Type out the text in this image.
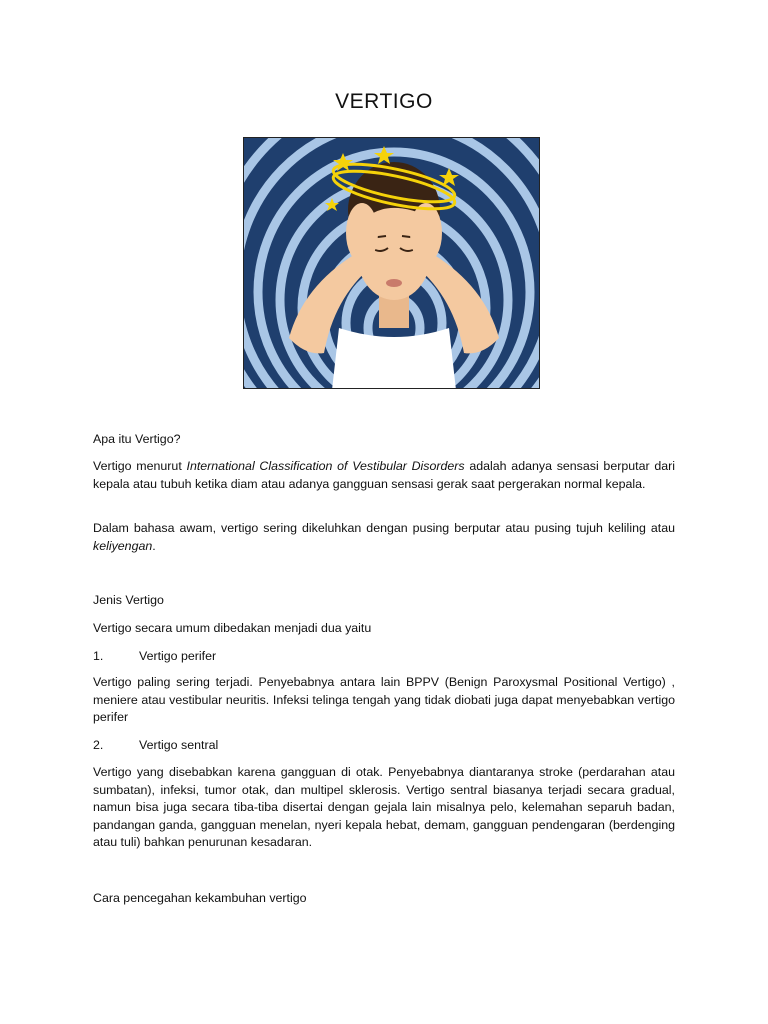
VERTIGO

Apa itu Vertigo?

Vertigo menurut International Classification of Vestibular Disorders adalah adanya sensasi berputar dari kepala atau tubuh ketika diam atau adanya gangguan sensasi gerak saat pergerakan normal kepala.

Dalam bahasa awam, vertigo sering dikeluhkan dengan pusing berputar atau pusing tujuh keliling atau keliyengan.

Jenis Vertigo

Vertigo secara umum dibedakan menjadi dua yaitu

1.	Vertigo perifer

Vertigo paling sering terjadi. Penyebabnya antara lain BPPV (Benign Paroxysmal Positional Vertigo) , meniere atau vestibular neuritis. Infeksi telinga tengah yang tidak diobati juga dapat menyebabkan vertigo perifer

2.	Vertigo sentral

Vertigo yang disebabkan karena gangguan di otak. Penyebabnya diantaranya stroke (perdarahan atau sumbatan), infeksi, tumor otak, dan multipel sklerosis. Vertigo sentral biasanya terjadi secara gradual, namun bisa juga secara tiba-tiba disertai dengan gejala lain misalnya pelo, kelemahan separuh badan, pandangan ganda, gangguan menelan, nyeri kepala hebat, demam, gangguan pendengaran (berdenging atau tuli) bahkan penurunan kesadaran.

Cara pencegahan kekambuhan vertigo
